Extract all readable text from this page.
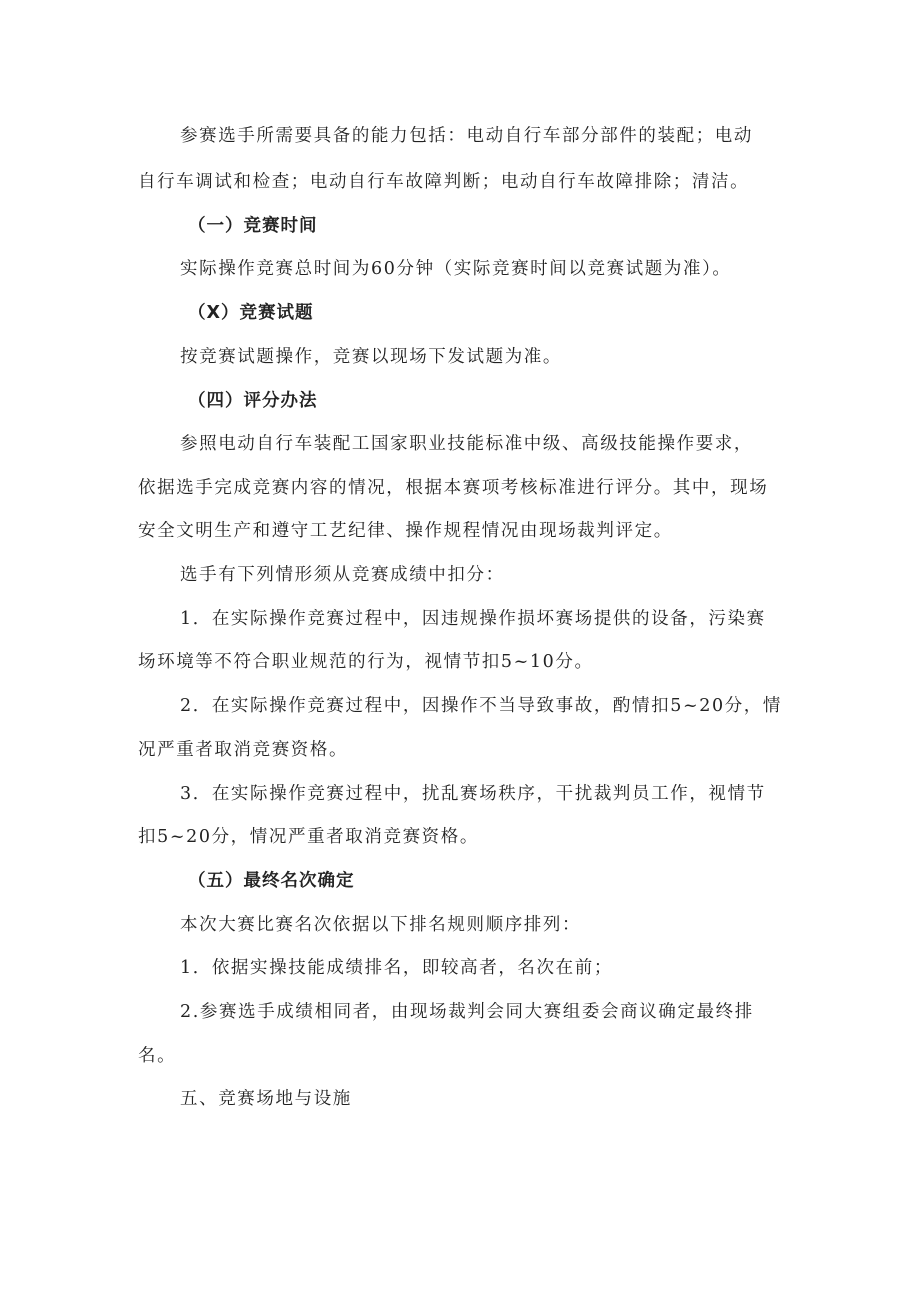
参赛选手所需要具备的能力包括：电动自行车部分部件的装配；电动

自行车调试和检查；电动自行车故障判断；电动自行车故障排除；清洁。

（一）竞赛时间

实际操作竞赛总时间为60分钟（实际竞赛时间以竞赛试题为准）。

（X）竞赛试题

按竞赛试题操作，竞赛以现场下发试题为准。

（四）评分办法

参照电动自行车装配工国家职业技能标准中级、高级技能操作要求，

依据选手完成竞赛内容的情况，根据本赛项考核标准进行评分。其中，现场

安全文明生产和遵守工艺纪律、操作规程情况由现场裁判评定。

选手有下列情形须从竞赛成绩中扣分：

1．在实际操作竞赛过程中，因违规操作损坏赛场提供的设备，污染赛

场环境等不符合职业规范的行为，视情节扣5~10分。

2．在实际操作竞赛过程中，因操作不当导致事故，酌情扣5~20分，情

况严重者取消竞赛资格。

3．在实际操作竞赛过程中，扰乱赛场秩序，干扰裁判员工作，视情节

扣5~20分，情况严重者取消竞赛资格。

（五）最终名次确定

本次大赛比赛名次依据以下排名规则顺序排列：

1．依据实操技能成绩排名，即较高者，名次在前；

2.参赛选手成绩相同者，由现场裁判会同大赛组委会商议确定最终排

名。

五、竞赛场地与设施
